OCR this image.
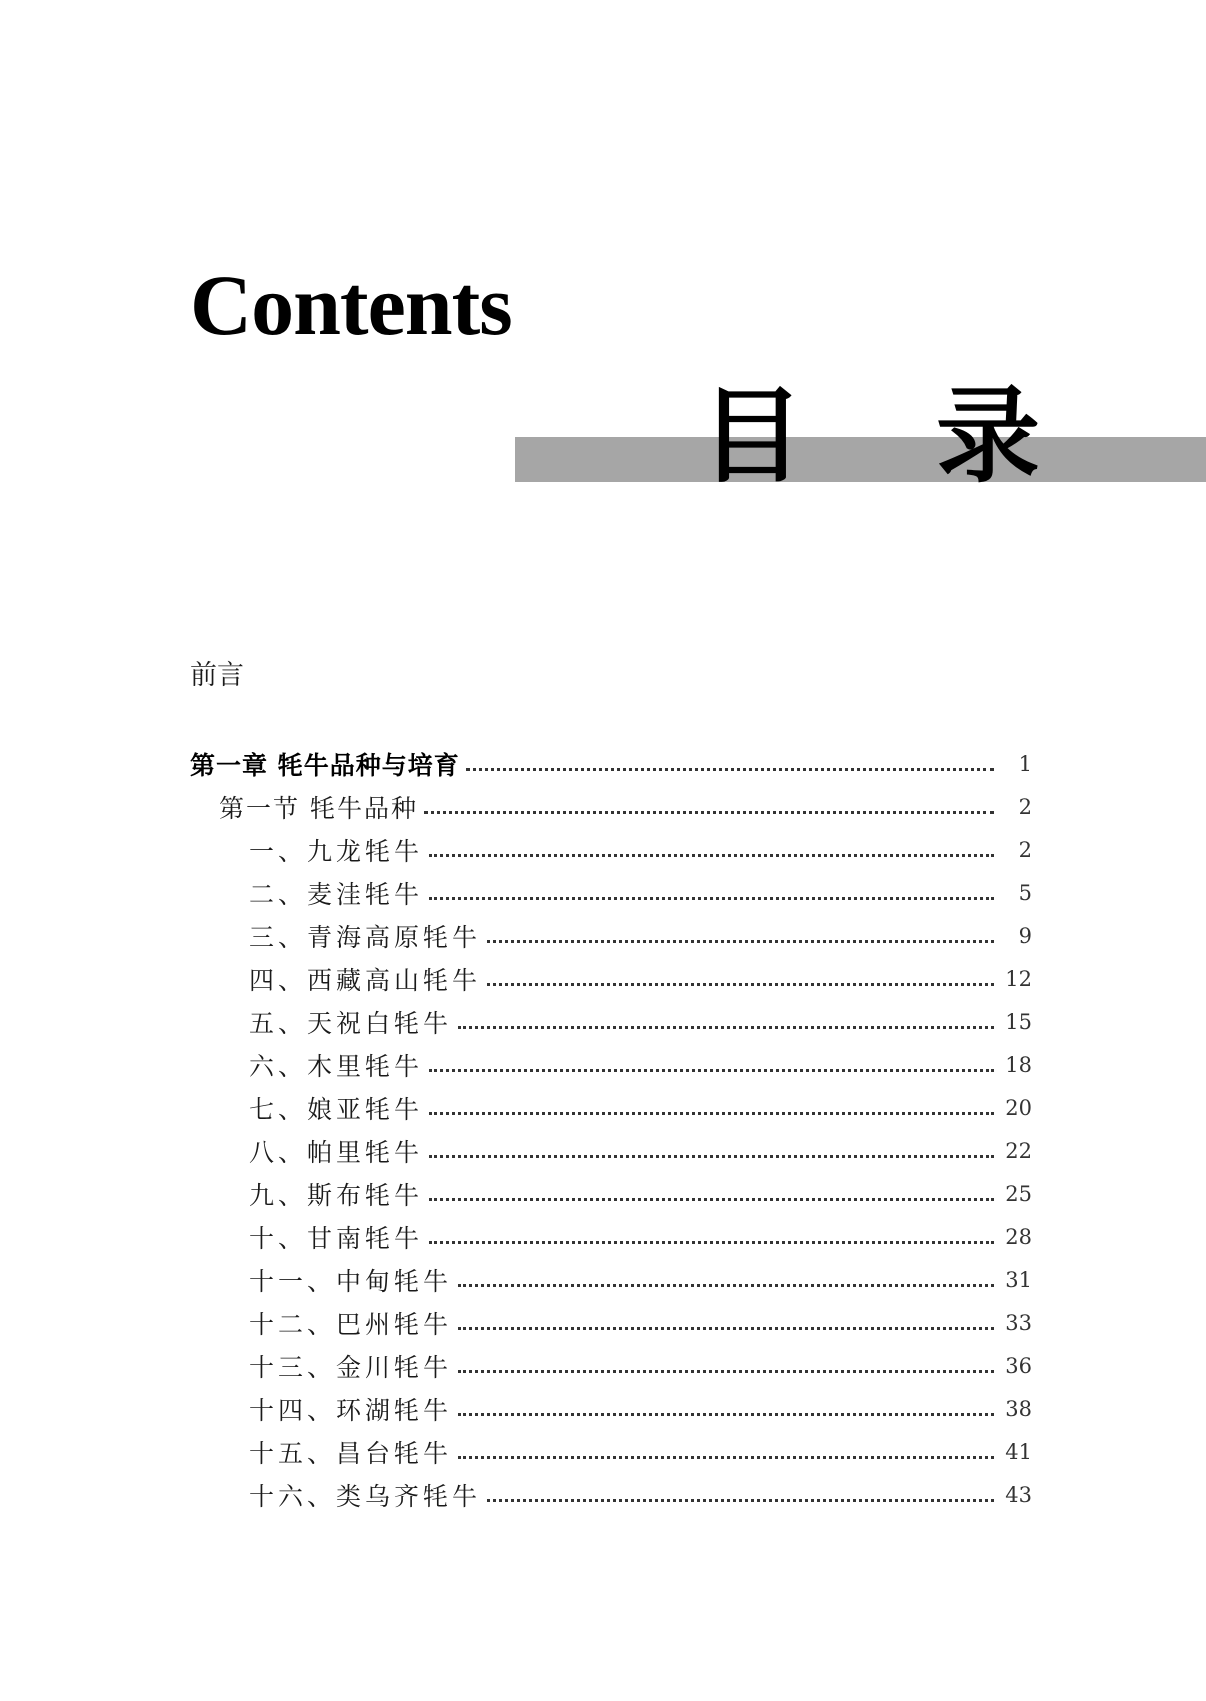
Contents
目 录
前言
第一章 牦牛品种与培育	1
第一节 牦牛品种	2
一、九龙牦牛	2
二、麦洼牦牛	5
三、青海高原牦牛	9
四、西藏高山牦牛	12
五、天祝白牦牛	15
六、木里牦牛	18
七、娘亚牦牛	20
八、帕里牦牛	22
九、斯布牦牛	25
十、甘南牦牛	28
十一、中甸牦牛	31
十二、巴州牦牛	33
十三、金川牦牛	36
十四、环湖牦牛	38
十五、昌台牦牛	41
十六、类乌齐牦牛	43
